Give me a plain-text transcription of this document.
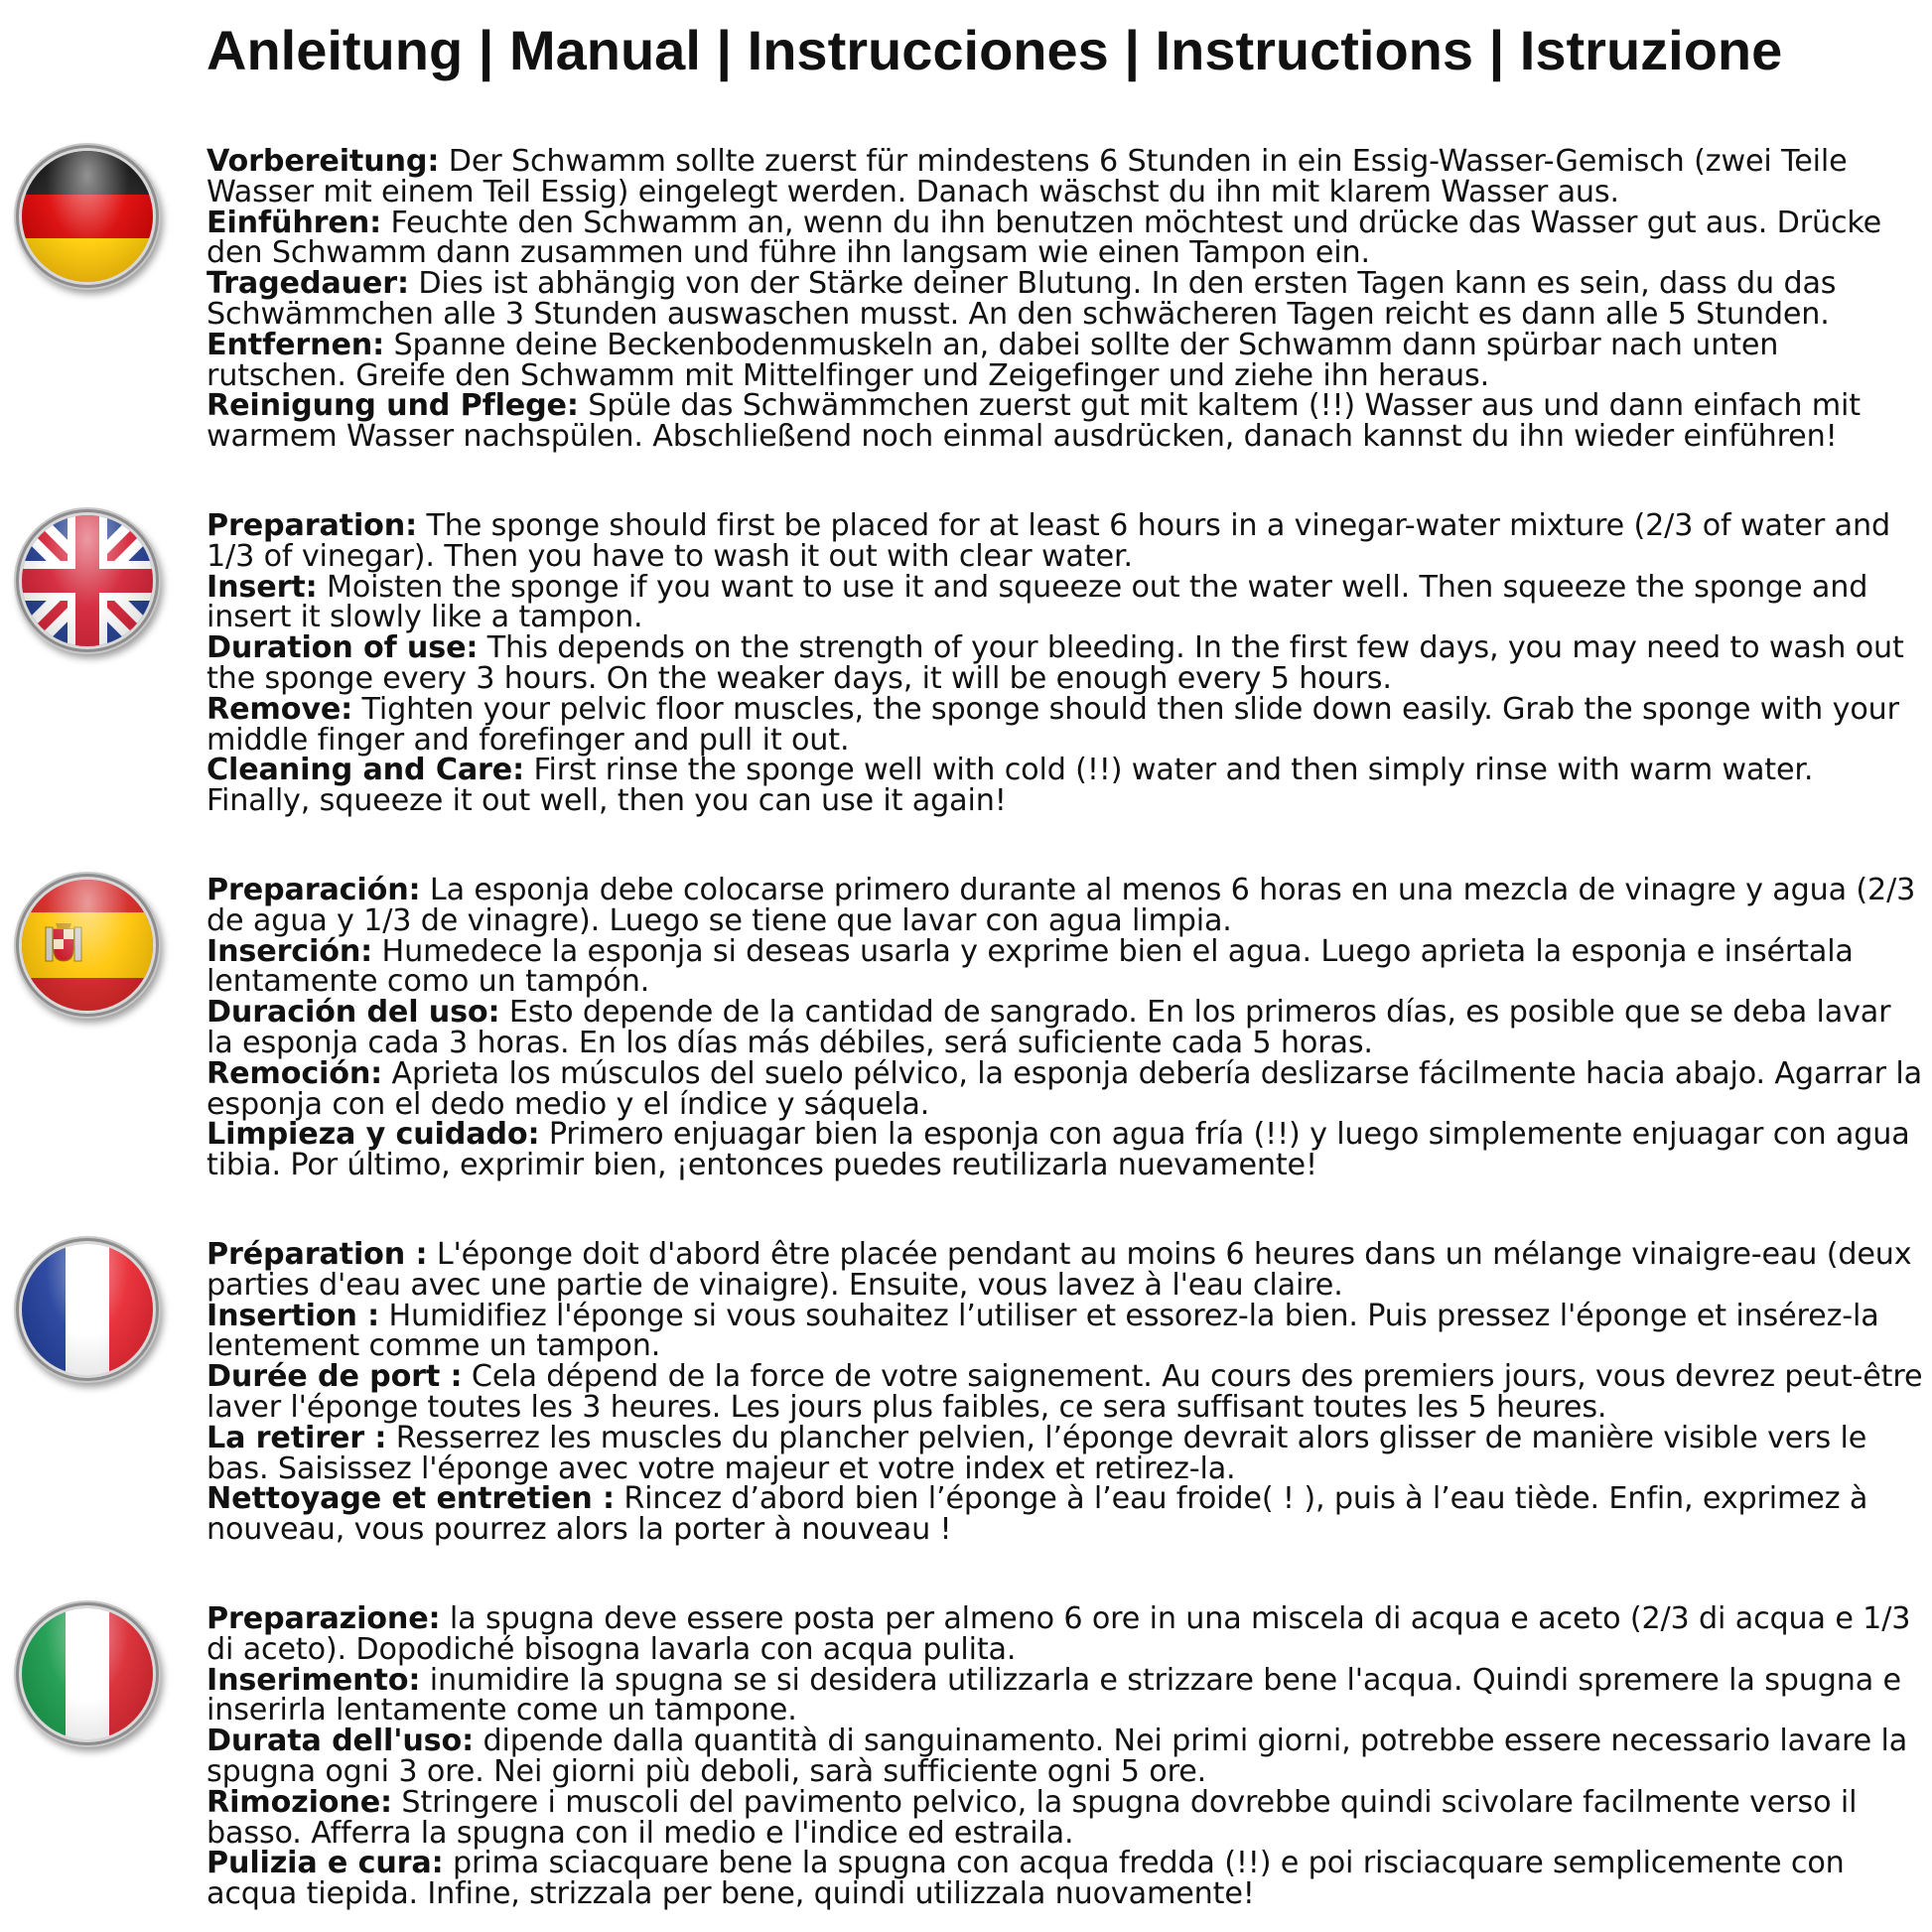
Anleitung | Manual | Instrucciones | Instructions | Istruzione

Vorbereitung: Der Schwamm sollte zuerst für mindestens 6 Stunden in ein Essig-Wasser-Gemisch (zwei Teile Wasser mit einem Teil Essig) eingelegt werden. Danach wäschst du ihn mit klarem Wasser aus.

Einführen: Feuchte den Schwamm an, wenn du ihn benutzen möchtest und drücke das Wasser gut aus. Drücke den Schwamm dann zusammen und führe ihn langsam wie einen Tampon ein.

Tragedauer: Dies ist abhängig von der Stärke deiner Blutung. In den ersten Tagen kann es sein, dass du das Schwämmchen alle 3 Stunden auswaschen musst. An den schwächeren Tagen reicht es dann alle 5 Stunden.

Entfernen: Spanne deine Beckenbodenmuskeln an, dabei sollte der Schwamm dann spürbar nach unten rutschen. Greife den Schwamm mit Mittelfinger und Zeigefinger und ziehe ihn heraus.

Reinigung und Pflege: Spüle das Schwämmchen zuerst gut mit kaltem (!!) Wasser aus und dann einfach mit warmem Wasser nachspülen. Abschließend noch einmal ausdrücken, danach kannst du ihn wieder einführen!

Preparation: The sponge should first be placed for at least 6 hours in a vinegar-water mixture (2/3 of water and 1/3 of vinegar). Then you have to wash it out with clear water.

Insert: Moisten the sponge if you want to use it and squeeze out the water well. Then squeeze the sponge and insert it slowly like a tampon.

Duration of use: This depends on the strength of your bleeding. In the first few days, you may need to wash out the sponge every 3 hours. On the weaker days, it will be enough every 5 hours.

Remove: Tighten your pelvic floor muscles, the sponge should then slide down easily. Grab the sponge with your middle finger and forefinger and pull it out.

Cleaning and Care: First rinse the sponge well with cold (!!) water and then simply rinse with warm water. Finally, squeeze it out well, then you can use it again!

Preparación: La esponja debe colocarse primero durante al menos 6 horas en una mezcla de vinagre y agua (2/3 de agua y 1/3 de vinagre). Luego se tiene que lavar con agua limpia.

Inserción: Humedece la esponja si deseas usarla y exprime bien el agua. Luego aprieta la esponja e insértala lentamente como un tampón.

Duración del uso: Esto depende de la cantidad de sangrado. En los primeros días, es posible que se deba lavar la esponja cada 3 horas. En los días más débiles, será suficiente cada 5 horas.

Remoción: Aprieta los músculos del suelo pélvico, la esponja debería deslizarse fácilmente hacia abajo. Agarrar la esponja con el dedo medio y el índice y sáquela.

Limpieza y cuidado: Primero enjuagar bien la esponja con agua fría (!!) y luego simplemente enjuagar con agua tibia. Por último, exprimir bien, ¡entonces puedes reutilizarla nuevamente!

Préparation : L'éponge doit d'abord être placée pendant au moins 6 heures dans un mélange vinaigre-eau (deux parties d'eau avec une partie de vinaigre). Ensuite, vous lavez à l'eau claire.

Insertion : Humidifiez l'éponge si vous souhaitez l’utiliser et essorez-la bien. Puis pressez l'éponge et insérez-la lentement comme un tampon.

Durée de port : Cela dépend de la force de votre saignement. Au cours des premiers jours, vous devrez peut-être laver l'éponge toutes les 3 heures. Les jours plus faibles, ce sera suffisant toutes les 5 heures.

La retirer : Resserrez les muscles du plancher pelvien, l’éponge devrait alors glisser de manière visible vers le bas. Saisissez l'éponge avec votre majeur et votre index et retirez-la.

Nettoyage et entretien : Rincez d’abord bien l’éponge à l’eau froide( ! ), puis à l’eau tiède. Enfin, exprimez à nouveau, vous pourrez alors la porter à nouveau !

Preparazione: la spugna deve essere posta per almeno 6 ore in una miscela di acqua e aceto (2/3 di acqua e 1/3 di aceto). Dopodiché bisogna lavarla con acqua pulita.

Inserimento: inumidire la spugna se si desidera utilizzarla e strizzare bene l'acqua. Quindi spremere la spugna e inserirla lentamente come un tampone.

Durata dell'uso: dipende dalla quantità di sanguinamento. Nei primi giorni, potrebbe essere necessario lavare la spugna ogni 3 ore. Nei giorni più deboli, sarà sufficiente ogni 5 ore.

Rimozione: Stringere i muscoli del pavimento pelvico, la spugna dovrebbe quindi scivolare facilmente verso il basso. Afferra la spugna con il medio e l'indice ed estraila.

Pulizia e cura: prima sciacquare bene la spugna con acqua fredda (!!) e poi risciacquare semplicemente con acqua tiepida. Infine, strizzala per bene, quindi utilizzala nuovamente!
